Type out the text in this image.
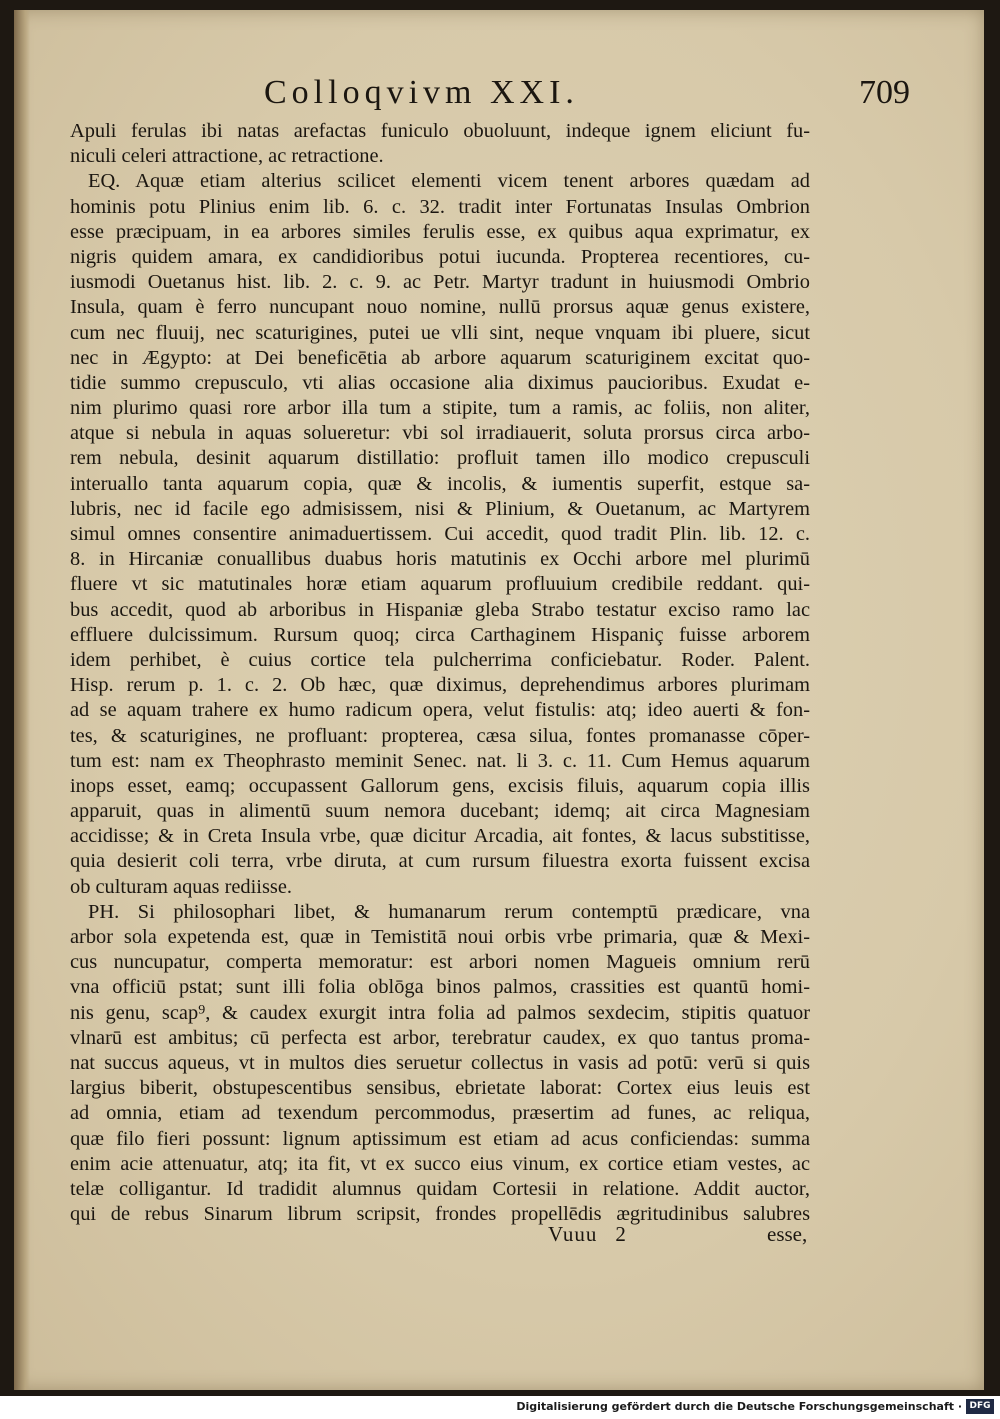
Colloqvivm XXI.	709
Apuli ferulas ibi natas arefactas funiculo obuoluunt, indeque ignem eliciunt fu-
niculi celeri attractione, ac retractione.
EQ. Aquæ etiam alterius scilicet elementi vicem tenent arbores quædam ad
hominis potu Plinius enim lib. 6. c. 32. tradit inter Fortunatas Insulas Ombrion
esse præcipuam, in ea arbores similes ferulis esse, ex quibus aqua exprimatur, ex
nigris quidem amara, ex candidioribus potui iucunda. Propterea recentiores, cu-
iusmodi Ouetanus hist. lib. 2. c. 9. ac Petr. Martyr tradunt in huiusmodi Ombrio
Insula, quam è ferro nuncupant nouo nomine, nullū prorsus aquæ genus existere,
cum nec fluuij, nec scaturigines, putei ue vlli sint, neque vnquam ibi pluere, sicut
nec in Ægypto: at Dei beneficētia ab arbore aquarum scaturiginem excitat quo-
tidie summo crepusculo, vti alias occasione alia diximus paucioribus. Exudat e-
nim plurimo quasi rore arbor illa tum a stipite, tum a ramis, ac foliis, non aliter,
atque si nebula in aquas solueretur: vbi sol irradiauerit, soluta prorsus circa arbo-
rem nebula, desinit aquarum distillatio: profluit tamen illo modico crepusculi
interuallo tanta aquarum copia, quæ & incolis, & iumentis superfit, estque sa-
lubris, nec id facile ego admisissem, nisi & Plinium, & Ouetanum, ac Martyrem
simul omnes consentire animaduertissem. Cui accedit, quod tradit Plin. lib. 12. c.
8. in Hircaniæ conuallibus duabus horis matutinis ex Occhi arbore mel plurimū
fluere vt sic matutinales horæ etiam aquarum profluuium credibile reddant. qui-
bus accedit, quod ab arboribus in Hispaniæ gleba Strabo testatur exciso ramo lac
effluere dulcissimum. Rursum quoq; circa Carthaginem Hispaniç fuisse arborem
idem perhibet, è cuius cortice tela pulcherrima conficiebatur. Roder. Palent.
Hisp. rerum p. 1. c. 2. Ob hæc, quæ diximus, deprehendimus arbores plurimam
ad se aquam trahere ex humo radicum opera, velut fistulis: atq; ideo auerti & fon-
tes, & scaturigines, ne profluant: propterea, cæsa silua, fontes promanasse cōper-
tum est: nam ex Theophrasto meminit Senec. nat. li 3. c. 11. Cum Hemus aquarum
inops esset, eamq; occupassent Gallorum gens, excisis filuis, aquarum copia illis
apparuit, quas in alimentū suum nemora ducebant; idemq; ait circa Magnesiam
accidisse; & in Creta Insula vrbe, quæ dicitur Arcadia, ait fontes, & lacus substitisse,
quia desierit coli terra, vrbe diruta, at cum rursum filuestra exorta fuissent excisa
ob culturam aquas rediisse.
PH. Si philosophari libet, & humanarum rerum contemptū prædicare, vna
arbor sola expetenda est, quæ in Temistitā noui orbis vrbe primaria, quæ & Mexi-
cus nuncupatur, comperta memoratur: est arbori nomen Magueis omnium rerū
vna officiū pstat; sunt illi folia oblōga binos palmos, crassities est quantū homi-
nis genu, scap⁹, & caudex exurgit intra folia ad palmos sexdecim, stipitis quatuor
vlnarū est ambitus; cū perfecta est arbor, terebratur caudex, ex quo tantus proma-
nat succus aqueus, vt in multos dies seruetur collectus in vasis ad potū: verū si quis
largius biberit, obstupescentibus sensibus, ebrietate laborat: Cortex eius leuis est
ad omnia, etiam ad texendum percommodus, præsertim ad funes, ac reliqua,
quæ filo fieri possunt: lignum aptissimum est etiam ad acus conficiendas: summa
enim acie attenuatur, atq; ita fit, vt ex succo eius vinum, ex cortice etiam vestes, ac
telæ colligantur. Id tradidit alumnus quidam Cortesii in relatione. Addit auctor,
qui de rebus Sinarum librum scripsit, frondes propellēdis ægritudinibus salubres
Vuuu 2	esse,
Digitalisierung gefördert durch die Deutsche Forschungsgemeinschaft · DFG
